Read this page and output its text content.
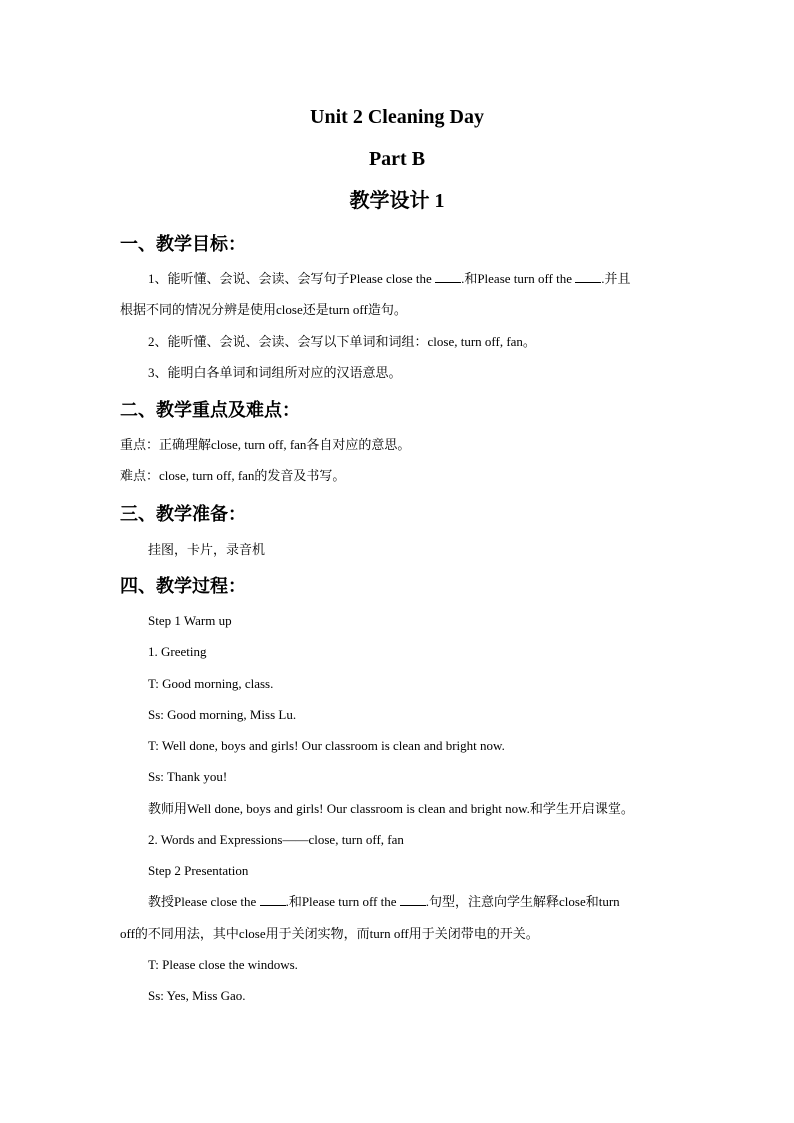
Unit 2 Cleaning Day
Part B
教学设计 1
一、教学目标：

1、能听懂、会说、会读、会写句子Please close the .和Please turn off the .并且

根据不同的情况分辨是使用close还是turn off造句。

2、能听懂、会说、会读、会写以下单词和词组：close, turn off, fan。

3、能明白各单词和词组所对应的汉语意思。

二、教学重点及难点：

重点：正确理解close, turn off, fan各自对应的意思。

难点：close, turn off, fan的发音及书写。

三、教学准备：

挂图，卡片，录音机

四、教学过程：

Step 1 Warm up

1. Greeting

T: Good morning, class.

Ss: Good morning, Miss Lu.

T: Well done, boys and girls! Our classroom is clean and bright now.

Ss: Thank you!

教师用Well done, boys and girls! Our classroom is clean and bright now.和学生开启课堂。

2. Words and Expressions——close, turn off, fan

Step 2 Presentation

教授Please close the .和Please turn off the .句型，注意向学生解释close和turn

off的不同用法，其中close用于关闭实物，而turn off用于关闭带电的开关。

T: Please close the windows.

Ss: Yes, Miss Gao.
